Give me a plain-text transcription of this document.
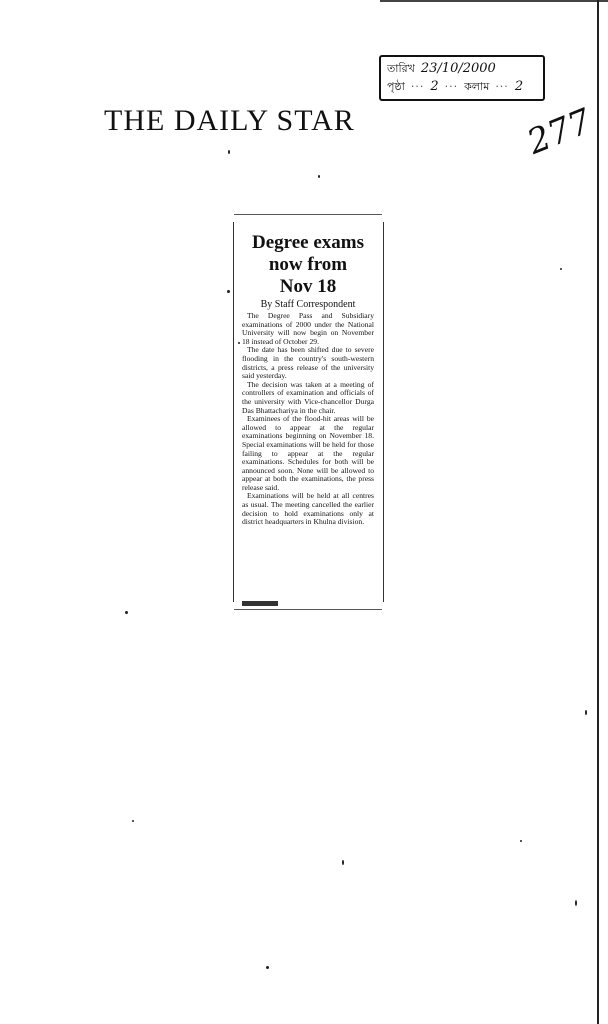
THE DAILY STAR
তারিখ 23/10/2000
পৃষ্ঠা ··· 2 ··· কলাম ··· 2
277
Degree exams
now from
Nov 18
By Staff Correspondent

The Degree Pass and Subsidiary examinations of 2000 under the National University will now begin on November 18 instead of October 29.

The date has been shifted due to severe flooding in the country's south-western districts, a press release of the university said yesterday.

The decision was taken at a meeting of controllers of examination and officials of the university with Vice-chancellor Durga Das Bhattachariya in the chair.

Examinees of the flood-hit areas will be allowed to appear at the regular examinations beginning on November 18. Special examinations will be held for those failing to appear at the regular examinations. Schedules for both will be announced soon. None will be allowed to appear at both the examinations, the press release said.

Examinations will be held at all centres as usual. The meeting cancelled the earlier decision to hold examinations only at district headquarters in Khulna division.
